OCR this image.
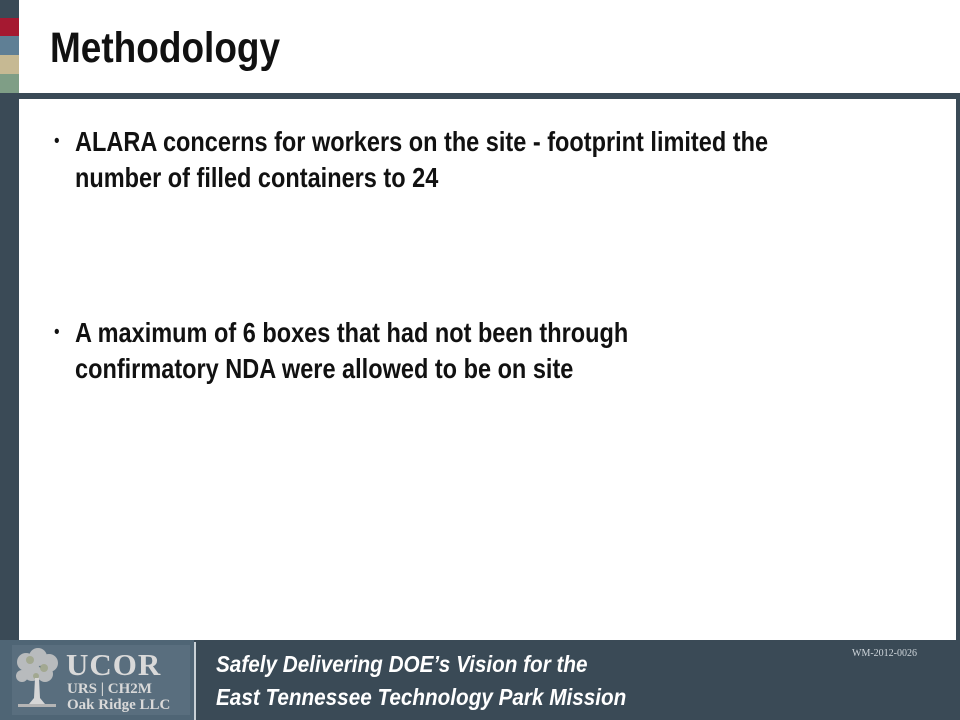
Methodology
• ALARA concerns for workers on the site - footprint limited the
number of filled containers to 24
• A maximum of 6 boxes that had not been through
confirmatory NDA were allowed to be on site
UCOR
URS | CH2M
Oak Ridge LLC
Safely Delivering DOE’s Vision for the
East Tennessee Technology Park Mission
WM-2012-0026
